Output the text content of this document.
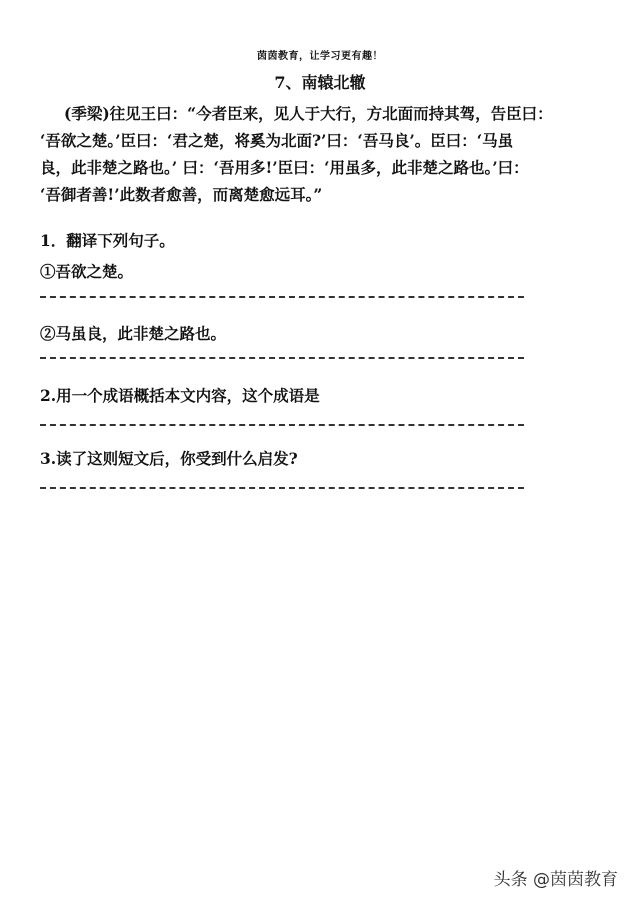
茵茵教育，让学习更有趣！
7、南辕北辙
(季梁)往见王曰：“今者臣来，见人于大行，方北面而持其驾，告臣曰：
‘吾欲之楚。’臣曰：‘君之楚，将奚为北面?’曰：‘吾马良’。臣曰：‘马虽
良，此非楚之路也。’ 曰：‘吾用多!’臣曰：‘用虽多，此非楚之路也。’曰：
‘吾御者善!’此数者愈善，而离楚愈远耳。”
1．翻译下列句子。
①吾欲之楚。
②马虽良，此非楚之路也。
2.用一个成语概括本文内容，这个成语是
3.读了这则短文后，你受到什么启发?
头条 @茵茵教育
